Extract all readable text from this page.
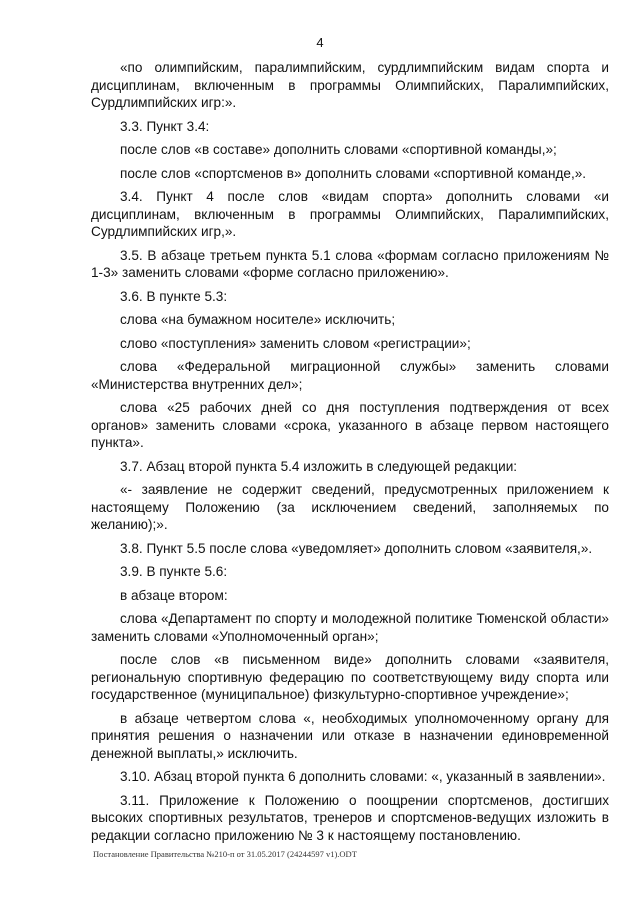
4

«по олимпийским, паралимпийским, сурдлимпийским видам спорта и дисциплинам, включенным в программы Олимпийских, Паралимпийских, Сурдлимпийских игр:».

3.3. Пункт 3.4:

после слов «в составе» дополнить словами «спортивной команды,»;

после слов «спортсменов в» дополнить словами «спортивной команде,».

3.4. Пункт 4 после слов «видам спорта» дополнить словами «и дисциплинам, включенным в программы Олимпийских, Паралимпийских, Сурдлимпийских игр,».

3.5. В абзаце третьем пункта 5.1 слова «формам согласно приложениям № 1-3» заменить словами «форме согласно приложению».

3.6. В пункте 5.3:

слова «на бумажном носителе» исключить;

слово «поступления» заменить словом «регистрации»;

слова «Федеральной миграционной службы» заменить словами «Министерства внутренних дел»;

слова «25 рабочих дней со дня поступления подтверждения от всех органов» заменить словами «срока, указанного в абзаце первом настоящего пункта».

3.7. Абзац второй пункта 5.4 изложить в следующей редакции:

«- заявление не содержит сведений, предусмотренных приложением к настоящему Положению (за исключением сведений, заполняемых по желанию);».

3.8. Пункт 5.5 после слова «уведомляет» дополнить словом «заявителя,».

3.9. В пункте 5.6:

в абзаце втором:

слова «Департамент по спорту и молодежной политике Тюменской области» заменить словами «Уполномоченный орган»;

после слов «в письменном виде» дополнить словами «заявителя, региональную спортивную федерацию по соответствующему виду спорта или государственное (муниципальное) физкультурно-спортивное учреждение»;

в абзаце четвертом слова «, необходимых уполномоченному органу для принятия решения о назначении или отказе в назначении единовременной денежной выплаты,» исключить.

3.10. Абзац второй пункта 6 дополнить словами: «, указанный в заявлении».

3.11. Приложение к Положению о поощрении спортсменов, достигших высоких спортивных результатов, тренеров и спортсменов-ведущих изложить в редакции согласно приложению № 3 к настоящему постановлению.

Постановление Правительства №210-п от 31.05.2017 (24244597 v1).ODT
